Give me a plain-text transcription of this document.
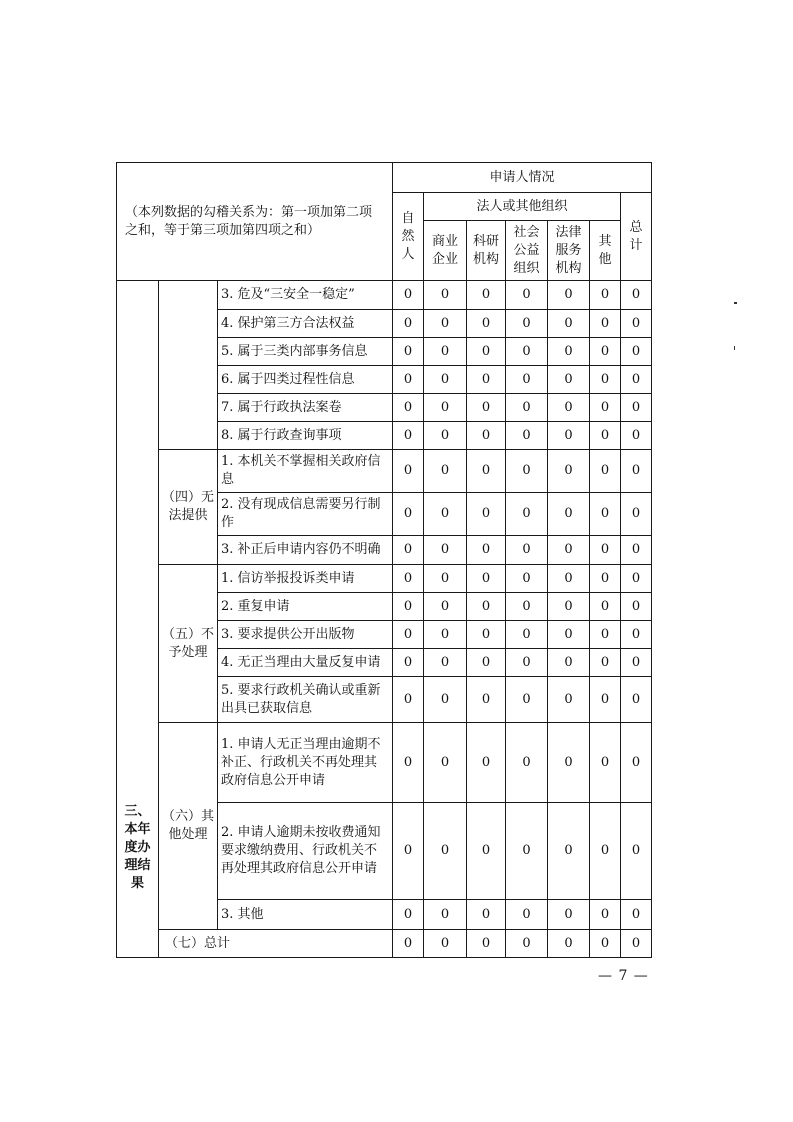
（本列数据的勾稽关系为：第一项加第二项之和，等于第三项加第四项之和）			申请人情况						
			自然人	法人或其他组织					总计
				商业企业	科研机构	社会公益组织	法律服务机构	其他	

三、本年度办理结果		3. 危及“三安全一稳定”	0	0	0	0	0	0	0
		4. 保护第三方合法权益	0	0	0	0	0	0	0
		5. 属于三类内部事务信息	0	0	0	0	0	0	0
		6. 属于四类过程性信息	0	0	0	0	0	0	0
		7. 属于行政执法案卷	0	0	0	0	0	0	0
		8. 属于行政查询事项	0	0	0	0	0	0	0
	（四）无法提供	1. 本机关不掌握相关政府信息	0	0	0	0	0	0	0
		2. 没有现成信息需要另行制作	0	0	0	0	0	0	0
		3. 补正后申请内容仍不明确	0	0	0	0	0	0	0
	（五）不予处理	1. 信访举报投诉类申请	0	0	0	0	0	0	0
		2. 重复申请	0	0	0	0	0	0	0
		3. 要求提供公开出版物	0	0	0	0	0	0	0
		4. 无正当理由大量反复申请	0	0	0	0	0	0	0
		5. 要求行政机关确认或重新出具已获取信息	0	0	0	0	0	0	0
	（六）其他处理	1. 申请人无正当理由逾期不补正、行政机关不再处理其政府信息公开申请	0	0	0	0	0	0	0
		2. 申请人逾期未按收费通知要求缴纳费用、行政机关不再处理其政府信息公开申请	0	0	0	0	0	0	0
		3. 其他	0	0	0	0	0	0	0
	（七）总计		0	0	0	0	0	0	0
— 7 —
